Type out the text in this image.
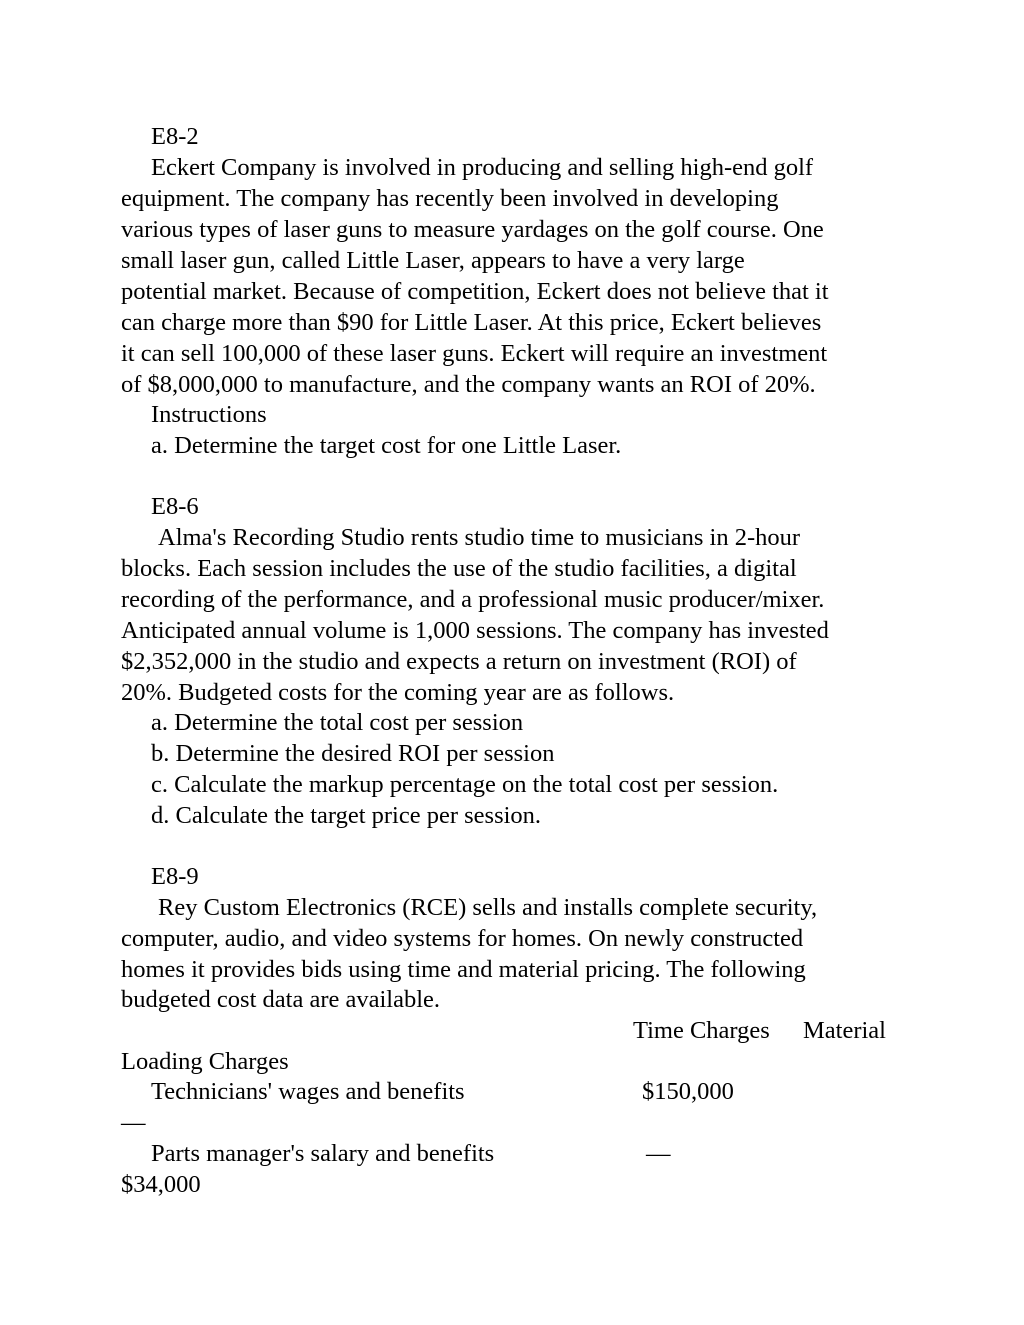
E8-2
Eckert Company is involved in producing and selling high-end golf
equipment. The company has recently been involved in developing
various types of laser guns to measure yardages on the golf course. One
small laser gun, called Little Laser, appears to have a very large
potential market. Because of competition, Eckert does not believe that it
can charge more than $90 for Little Laser. At this price, Eckert believes
it can sell 100,000 of these laser guns. Eckert will require an investment
of $8,000,000 to manufacture, and the company wants an ROI of 20%.
Instructions
a. Determine the target cost for one Little Laser.
E8-6
Alma's Recording Studio rents studio time to musicians in 2-hour
blocks. Each session includes the use of the studio facilities, a digital
recording of the performance, and a professional music producer/mixer.
Anticipated annual volume is 1,000 sessions. The company has invested
$2,352,000 in the studio and expects a return on investment (ROI) of
20%. Budgeted costs for the coming year are as follows.
a. Determine the total cost per session
b. Determine the desired ROI per session
c. Calculate the markup percentage on the total cost per session.
d. Calculate the target price per session.
E8-9
Rey Custom Electronics (RCE) sells and installs complete security,
computer, audio, and video systems for homes. On newly constructed
homes it provides bids using time and material pricing. The following
budgeted cost data are available.
Time Charges Material
Loading Charges
Technicians' wages and benefits	$150,000
—
Parts manager's salary and benefits	—
$34,000
